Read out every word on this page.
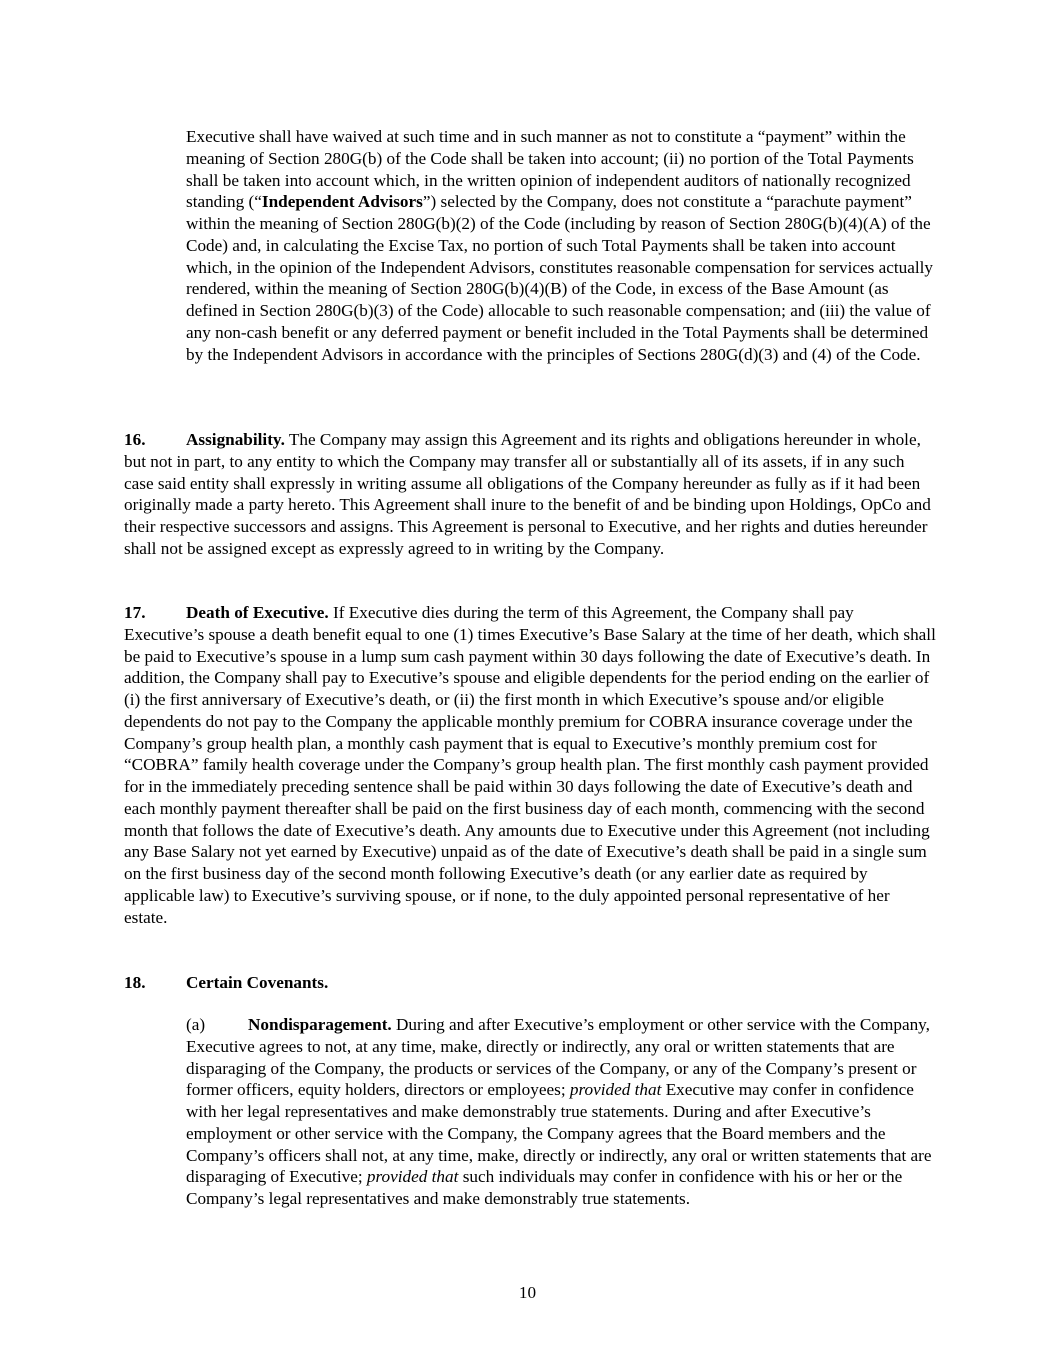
Executive shall have waived at such time and in such manner as not to constitute a “payment” within the meaning of Section 280G(b) of the Code shall be taken into account; (ii) no portion of the Total Payments shall be taken into account which, in the written opinion of independent auditors of nationally recognized standing (“Independent Advisors”) selected by the Company, does not constitute a “parachute payment” within the meaning of Section 280G(b)(2) of the Code (including by reason of Section 280G(b)(4)(A) of the Code) and, in calculating the Excise Tax, no portion of such Total Payments shall be taken into account which, in the opinion of the Independent Advisors, constitutes reasonable compensation for services actually rendered, within the meaning of Section 280G(b)(4)(B) of the Code, in excess of the Base Amount (as defined in Section 280G(b)(3) of the Code) allocable to such reasonable compensation; and (iii) the value of any non-cash benefit or any deferred payment or benefit included in the Total Payments shall be determined by the Independent Advisors in accordance with the principles of Sections 280G(d)(3) and (4) of the Code.

16. Assignability. The Company may assign this Agreement and its rights and obligations hereunder in whole, but not in part, to any entity to which the Company may transfer all or substantially all of its assets, if in any such case said entity shall expressly in writing assume all obligations of the Company hereunder as fully as if it had been originally made a party hereto. This Agreement shall inure to the benefit of and be binding upon Holdings, OpCo and their respective successors and assigns. This Agreement is personal to Executive, and her rights and duties hereunder shall not be assigned except as expressly agreed to in writing by the Company.

17. Death of Executive. If Executive dies during the term of this Agreement, the Company shall pay Executive’s spouse a death benefit equal to one (1) times Executive’s Base Salary at the time of her death, which shall be paid to Executive’s spouse in a lump sum cash payment within 30 days following the date of Executive’s death. In addition, the Company shall pay to Executive’s spouse and eligible dependents for the period ending on the earlier of (i) the first anniversary of Executive’s death, or (ii) the first month in which Executive’s spouse and/or eligible dependents do not pay to the Company the applicable monthly premium for COBRA insurance coverage under the Company’s group health plan, a monthly cash payment that is equal to Executive’s monthly premium cost for “COBRA” family health coverage under the Company’s group health plan. The first monthly cash payment provided for in the immediately preceding sentence shall be paid within 30 days following the date of Executive’s death and each monthly payment thereafter shall be paid on the first business day of each month, commencing with the second month that follows the date of Executive’s death. Any amounts due to Executive under this Agreement (not including any Base Salary not yet earned by Executive) unpaid as of the date of Executive’s death shall be paid in a single sum on the first business day of the second month following Executive’s death (or any earlier date as required by applicable law) to Executive’s surviving spouse, or if none, to the duly appointed personal representative of her estate.

18. Certain Covenants.

(a) Nondisparagement. During and after Executive’s employment or other service with the Company, Executive agrees to not, at any time, make, directly or indirectly, any oral or written statements that are disparaging of the Company, the products or services of the Company, or any of the Company’s present or former officers, equity holders, directors or employees; provided that Executive may confer in confidence with her legal representatives and make demonstrably true statements. During and after Executive’s employment or other service with the Company, the Company agrees that the Board members and the Company’s officers shall not, at any time, make, directly or indirectly, any oral or written statements that are disparaging of Executive; provided that such individuals may confer in confidence with his or her or the Company’s legal representatives and make demonstrably true statements.

10
